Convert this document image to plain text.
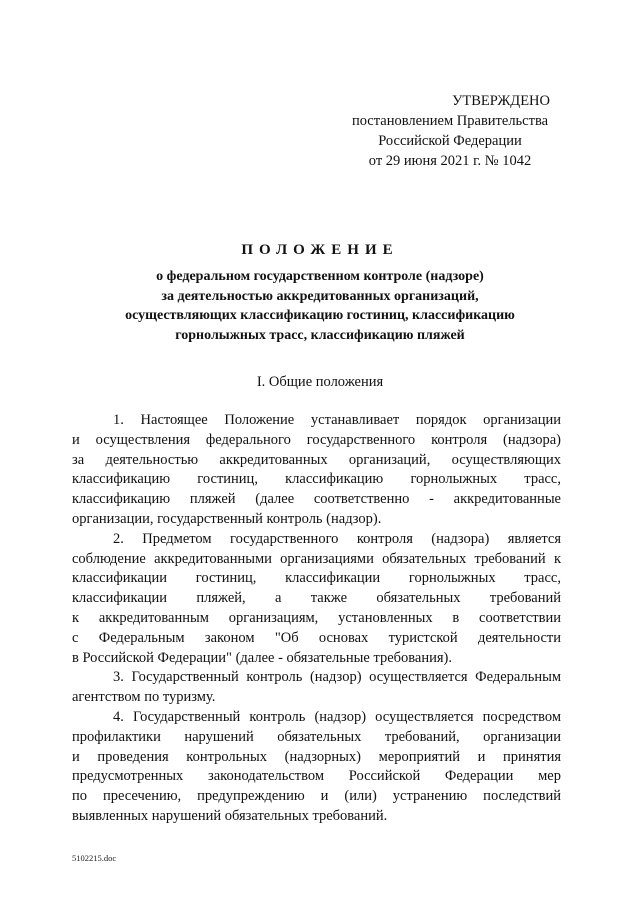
УТВЕРЖДЕНО
постановлением Правительства
Российской Федерации
от 29 июня 2021 г. № 1042
ПОЛОЖЕНИЕ
о федеральном государственном контроле (надзоре)
за деятельностью аккредитованных организаций,
осуществляющих классификацию гостиниц, классификацию
горнолыжных трасс, классификацию пляжей
I. Общие положения
1. Настоящее Положение устанавливает порядок организации
и осуществления федерального государственного контроля (надзора)
за деятельностью аккредитованных организаций, осуществляющих
классификацию гостиниц, классификацию горнолыжных трасс,
классификацию пляжей (далее соответственно - аккредитованные
организации, государственный контроль (надзор).
2. Предметом государственного контроля (надзора) является
соблюдение аккредитованными организациями обязательных требований к
классификации гостиниц, классификации горнолыжных трасс,
классификации пляжей, а также обязательных требований
к аккредитованным организациям, установленных в соответствии
с Федеральным законом "Об основах туристской деятельности
в Российской Федерации" (далее - обязательные требования).
3. Государственный контроль (надзор) осуществляется Федеральным
агентством по туризму.
4. Государственный контроль (надзор) осуществляется посредством
профилактики нарушений обязательных требований, организации
и проведения контрольных (надзорных) мероприятий и принятия
предусмотренных законодательством Российской Федерации мер
по пресечению, предупреждению и (или) устранению последствий
выявленных нарушений обязательных требований.
5102215.doc
